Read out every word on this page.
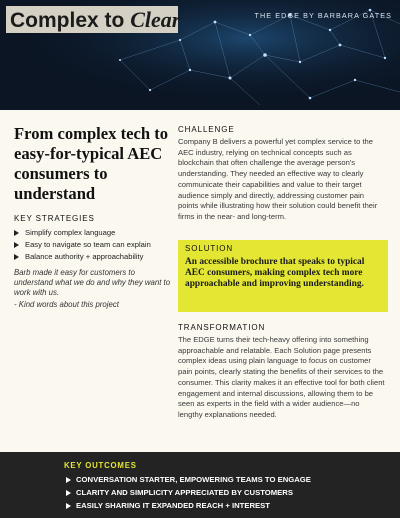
Complex to Clear	THE EDGE BY BARBARA GATES
From complex tech to easy-for-typical AEC consumers to understand
KEY STRATEGIES
Simplify complex language
Easy to navigate so team can explain
Balance authority + approachability

Barb made it easy for customers to understand what we do and why they want to work with us.

- Kind words about this project

CHALLENGE

Company B delivers a powerful yet complex service to the AEC industry, relying on technical concepts such as blockchain that often challenge the average person's understanding. They needed an effective way to clearly communicate their capabilities and value to their target audience simply and directly, addressing customer pain points while illustrating how their solution could benefit their firms in the near- and long-term.

SOLUTION

An accessible brochure that speaks to typical AEC consumers, making complex tech more approachable and improving understanding.

TRANSFORMATION

The EDGE turns their tech-heavy offering into something approachable and relatable. Each Solution page presents complex ideas using plain language to focus on customer pain points, clearly stating the benefits of their services to the consumer. This clarity makes it an effective tool for both client engagement and internal discussions, allowing them to be seen as experts in the field with a wider audience—no lengthy explanations needed.

KEY OUTCOMES
CONVERSATION STARTER, EMPOWERING TEAMS TO ENGAGE
CLARITY AND SIMPLICITY APPRECIATED BY CUSTOMERS
EASILY SHARING IT EXPANDED REACH + INTEREST
